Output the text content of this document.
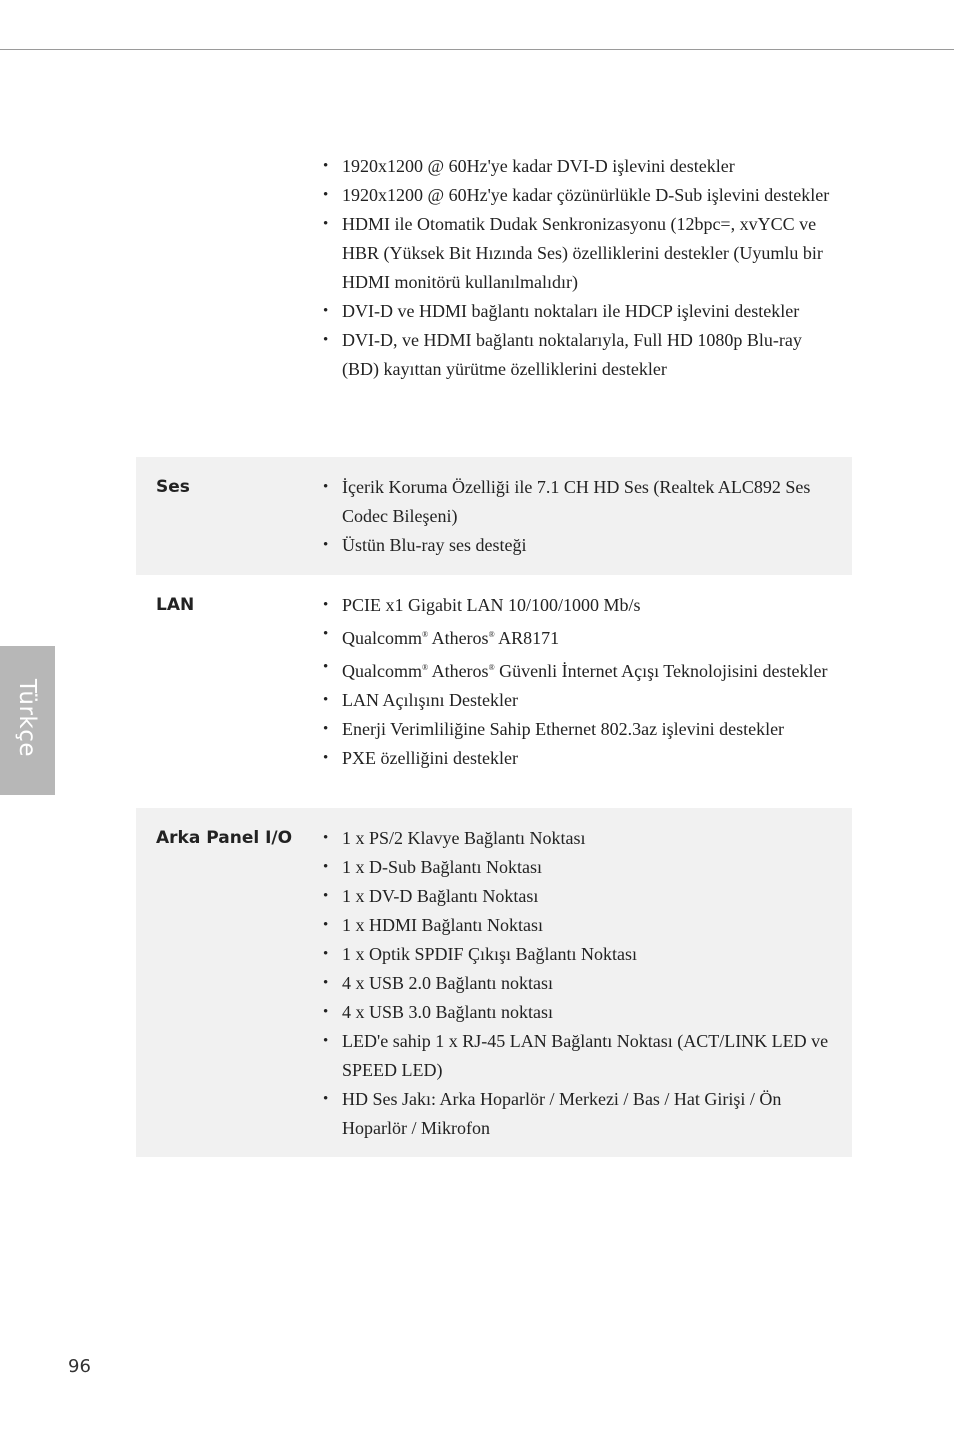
Türkçe
• 1920x1200 @ 60Hz'ye kadar DVI-D işlevini destekler
• 1920x1200 @ 60Hz'ye kadar çözünürlükle D-Sub işlevini destekler
• HDMI ile Otomatik Dudak Senkronizasyonu (12bpc=, xvYCC ve HBR (Yüksek Bit Hızında Ses) özelliklerini destekler (Uyumlu bir HDMI monitörü kullanılmalıdır)
• DVI-D ve HDMI bağlantı noktaları ile HDCP işlevini destekler
• DVI-D, ve HDMI bağlantı noktalarıyla, Full HD 1080p Blu-ray (BD) kayıttan yürütme özelliklerini destekler
Ses	• İçerik Koruma Özelliği ile 7.1 CH HD Ses (Realtek ALC892 Ses Codec Bileşeni)
• Üstün Blu-ray ses desteği
LAN	• PCIE x1 Gigabit LAN 10/100/1000 Mb/s
• Qualcomm® Atheros® AR8171
• Qualcomm® Atheros® Güvenli İnternet Açışı Teknolojisini destekler
• LAN Açılışını Destekler
• Enerji Verimliliğine Sahip Ethernet 802.3az işlevini destekler
• PXE özelliğini destekler
Arka Panel I/O	• 1 x PS/2 Klavye Bağlantı Noktası
• 1 x D-Sub Bağlantı Noktası
• 1 x DV-D Bağlantı Noktası
• 1 x HDMI Bağlantı Noktası
• 1 x Optik SPDIF Çıkışı Bağlantı Noktası
• 4 x USB 2.0 Bağlantı noktası
• 4 x USB 3.0 Bağlantı noktası
• LED'e sahip 1 x RJ-45 LAN Bağlantı Noktası (ACT/LINK LED ve SPEED LED)
• HD Ses Jakı: Arka Hoparlör / Merkezi / Bas / Hat Girişi / Ön Hoparlör / Mikrofon
96
